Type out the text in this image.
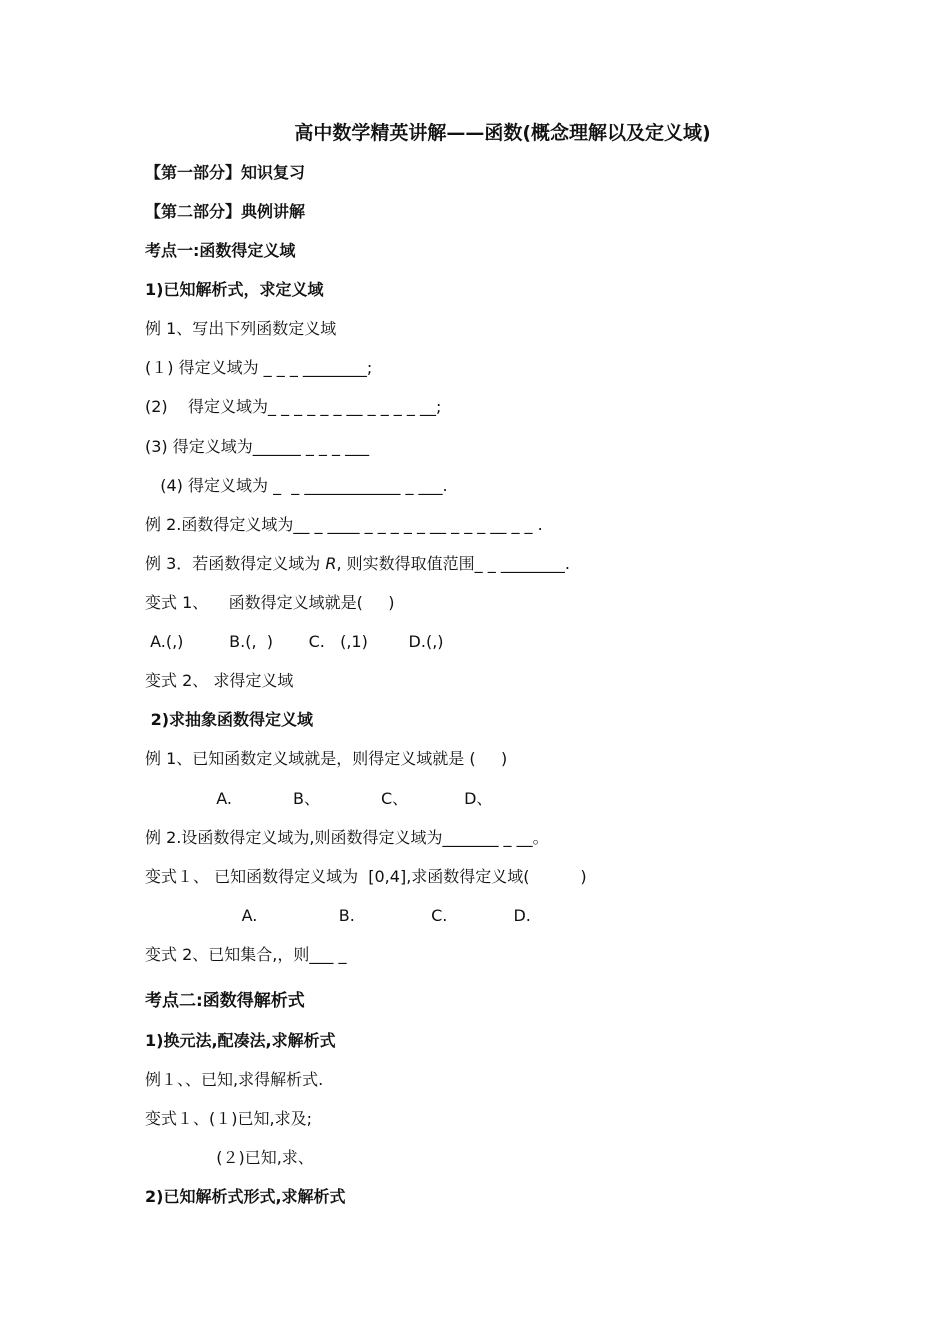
高中数学精英讲解——函数(概念理解以及定义域)
【第一部分】知识复习
【第二部分】典例讲解
考点一:函数得定义域
1)已知解析式，求定义域
例 1、写出下列函数定义域
(１) 得定义域为 _ _ _ ________;
(2)    得定义域为_ _ _ _ _ _ __ _ _ _ _ __;
(3) 得定义域为______ _ _ _ ___
(4) 得定义域为 _  _ ____________ _ ___.
例 2.函数得定义域为__ _ ____ _ _ _ _ _ __ _ _ _ __ _ _ .
例 3．若函数得定义域为 R, 则实数得取值范围_ _ ________.
变式 1、    函数得定义域就是(     )
A.(,)         B.(,  )       C.   (,1)        D.(,)
变式 2、 求得定义域
2)求抽象函数得定义域
例 1、已知函数定义域就是，则得定义域就是 (     )
A.            B、            C、           D、
例 2.设函数得定义域为,则函数得定义域为_______ _ __。
变式１、 已知函数得定义域为  [0,4],求函数得定义域(          )
A.                B.               C.             D.
变式 2、已知集合,，则___ _
考点二:函数得解析式
1)换元法,配凑法,求解析式
例１、、已知,求得解析式.
变式１、(１)已知,求及;
(２)已知,求、
2)已知解析式形式,求解析式
